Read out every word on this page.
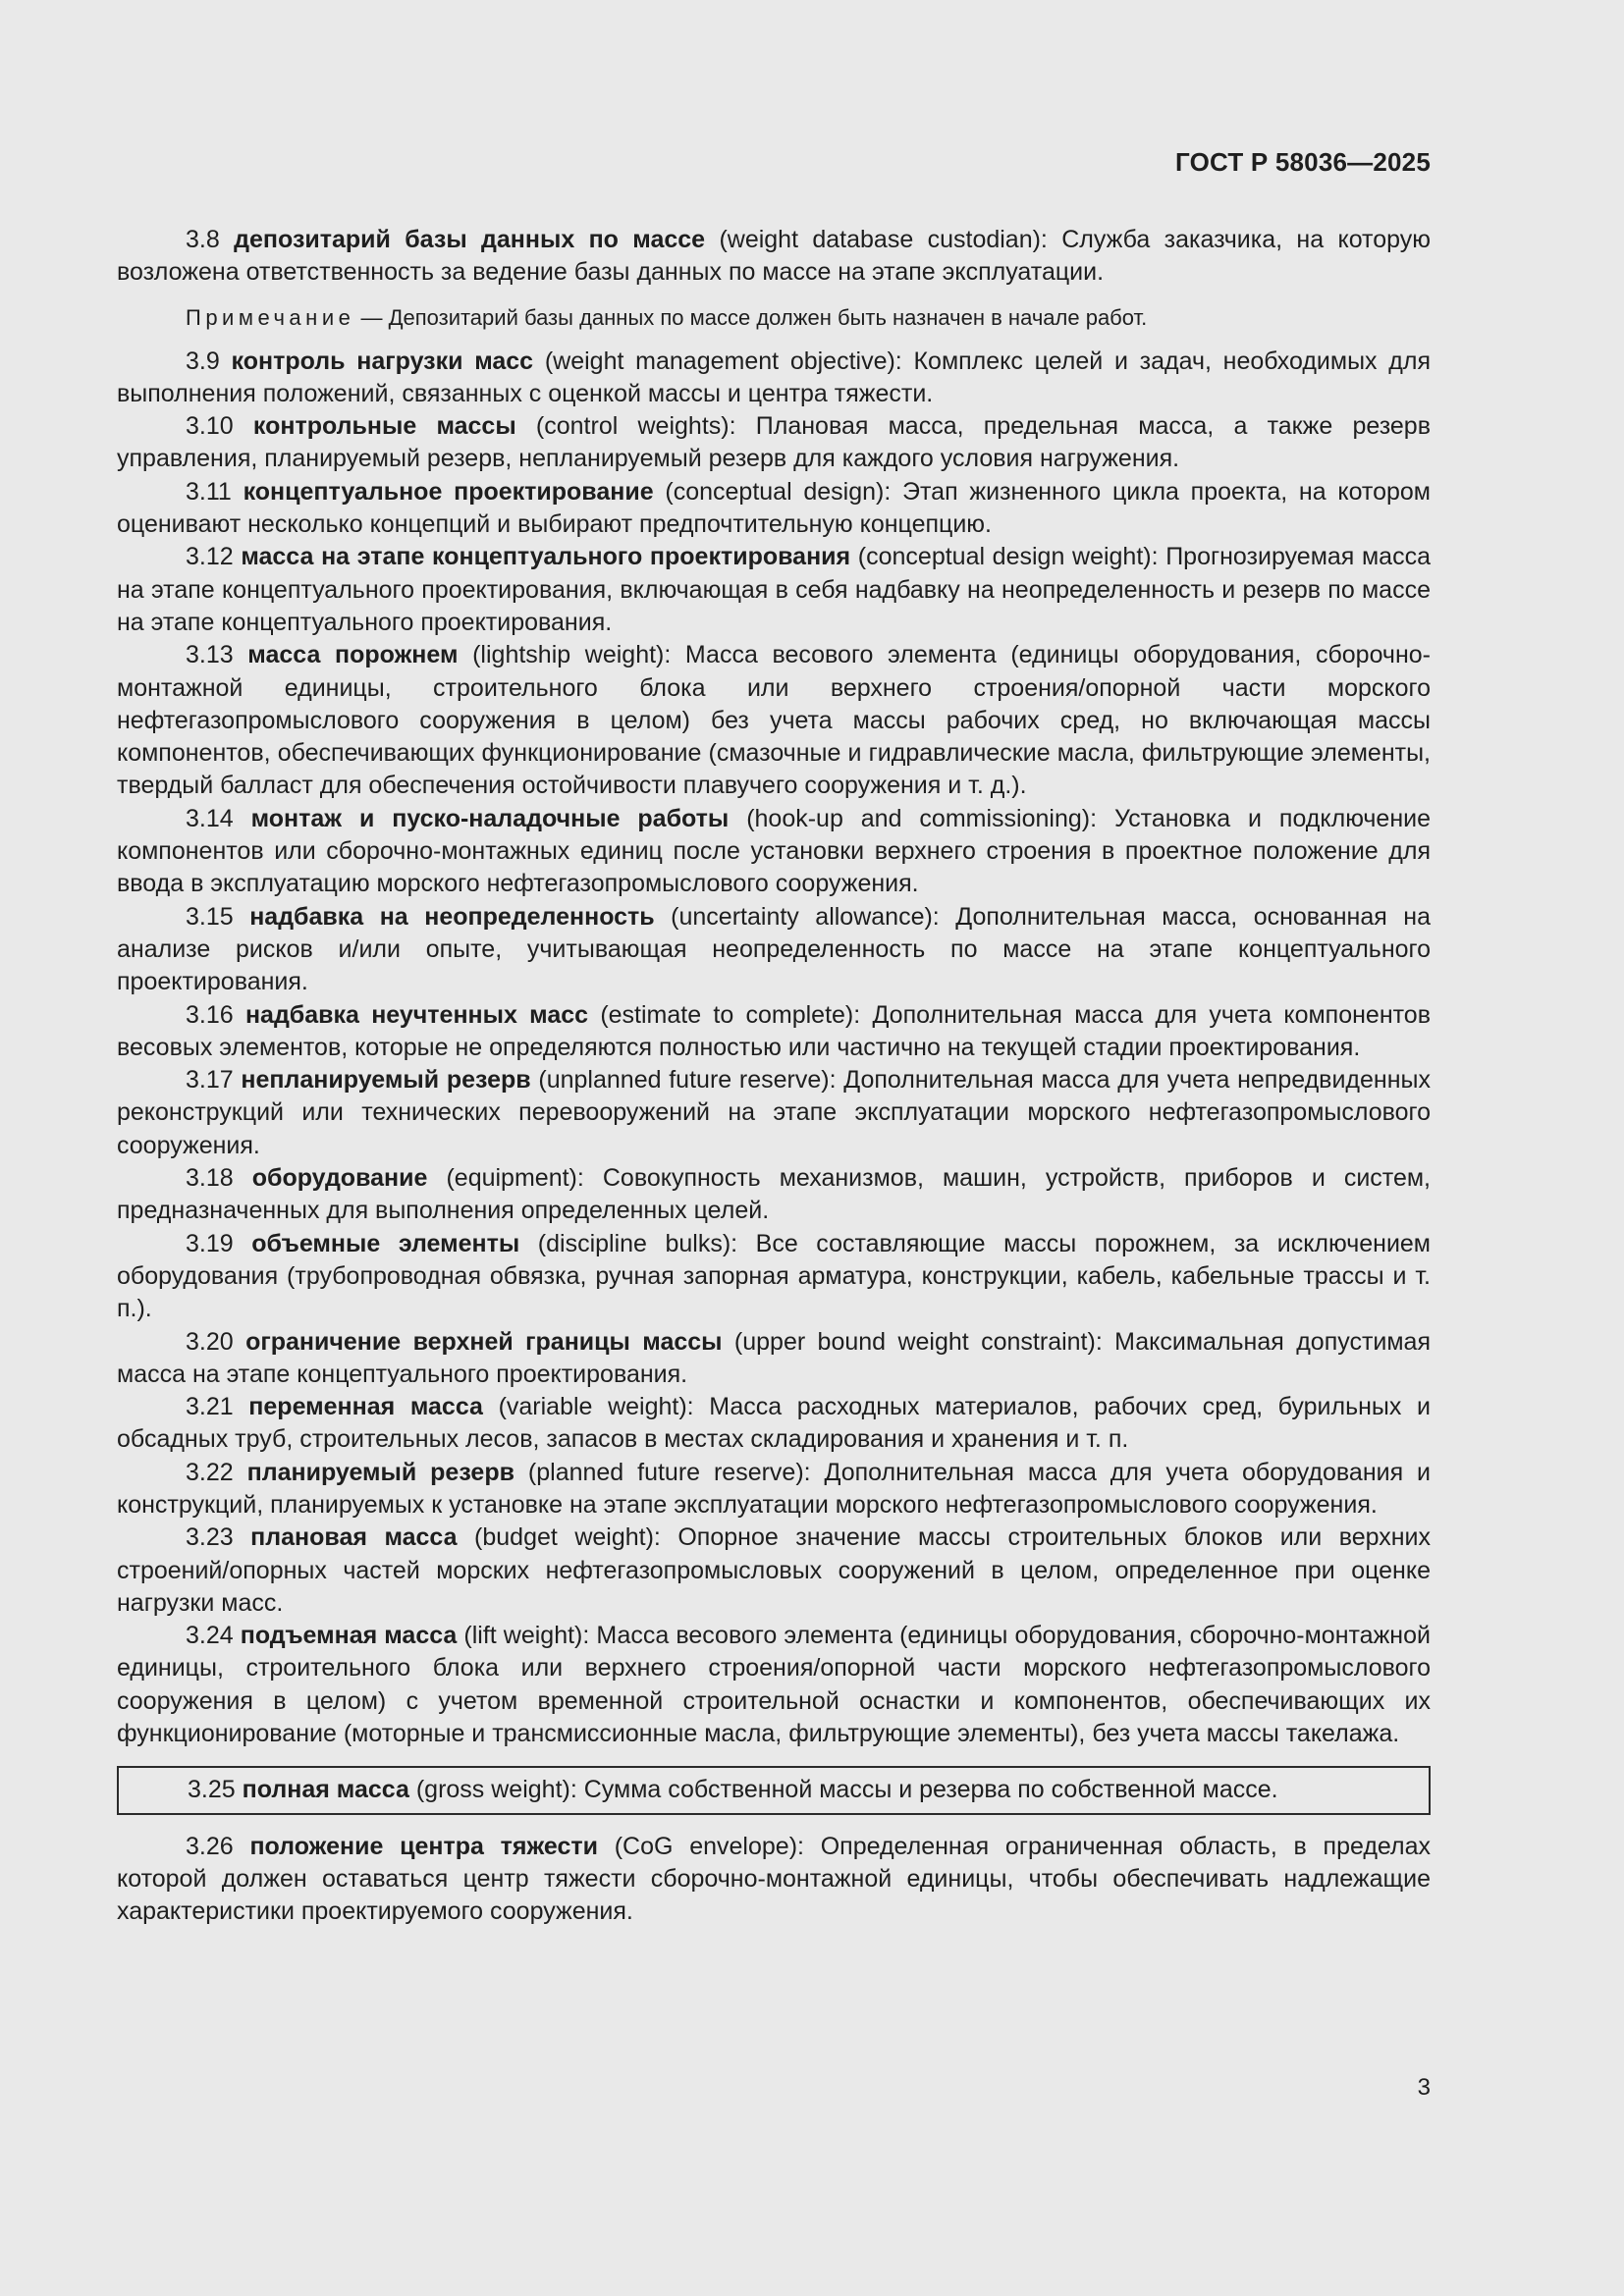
ГОСТ Р 58036—2025

3.8 депозитарий базы данных по массе (weight database custodian): Служба заказчика, на которую возложена ответственность за ведение базы данных по массе на этапе эксплуатации.

Примечание — Депозитарий базы данных по массе должен быть назначен в начале работ.

3.9 контроль нагрузки масс (weight management objective): Комплекс целей и задач, необходимых для выполнения положений, связанных с оценкой массы и центра тяжести.

3.10 контрольные массы (control weights): Плановая масса, предельная масса, а также резерв управления, планируемый резерв, непланируемый резерв для каждого условия нагружения.

3.11 концептуальное проектирование (conceptual design): Этап жизненного цикла проекта, на котором оценивают несколько концепций и выбирают предпочтительную концепцию.

3.12 масса на этапе концептуального проектирования (conceptual design weight): Прогнозируемая масса на этапе концептуального проектирования, включающая в себя надбавку на неопределенность и резерв по массе на этапе концептуального проектирования.

3.13 масса порожнем (lightship weight): Масса весового элемента (единицы оборудования, сборочно-монтажной единицы, строительного блока или верхнего строения/опорной части морского нефтегазопромыслового сооружения в целом) без учета массы рабочих сред, но включающая массы компонентов, обеспечивающих функционирование (смазочные и гидравлические масла, фильтрующие элементы, твердый балласт для обеспечения остойчивости плавучего сооружения и т. д.).

3.14 монтаж и пуско-наладочные работы (hook-up and commissioning): Установка и подключение компонентов или сборочно-монтажных единиц после установки верхнего строения в проектное положение для ввода в эксплуатацию морского нефтегазопромыслового сооружения.

3.15 надбавка на неопределенность (uncertainty allowance): Дополнительная масса, основанная на анализе рисков и/или опыте, учитывающая неопределенность по массе на этапе концептуального проектирования.

3.16 надбавка неучтенных масс (estimate to complete): Дополнительная масса для учета компонентов весовых элементов, которые не определяются полностью или частично на текущей стадии проектирования.

3.17 непланируемый резерв (unplanned future reserve): Дополнительная масса для учета непредвиденных реконструкций или технических перевооружений на этапе эксплуатации морского нефтегазопромыслового сооружения.

3.18 оборудование (equipment): Совокупность механизмов, машин, устройств, приборов и систем, предназначенных для выполнения определенных целей.

3.19 объемные элементы (discipline bulks): Все составляющие массы порожнем, за исключением оборудования (трубопроводная обвязка, ручная запорная арматура, конструкции, кабель, кабельные трассы и т. п.).

3.20 ограничение верхней границы массы (upper bound weight constraint): Максимальная допустимая масса на этапе концептуального проектирования.

3.21 переменная масса (variable weight): Масса расходных материалов, рабочих сред, бурильных и обсадных труб, строительных лесов, запасов в местах складирования и хранения и т. п.

3.22 планируемый резерв (planned future reserve): Дополнительная масса для учета оборудования и конструкций, планируемых к установке на этапе эксплуатации морского нефтегазопромыслового сооружения.

3.23 плановая масса (budget weight): Опорное значение массы строительных блоков или верхних строений/опорных частей морских нефтегазопромысловых сооружений в целом, определенное при оценке нагрузки масс.

3.24 подъемная масса (lift weight): Масса весового элемента (единицы оборудования, сборочно-монтажной единицы, строительного блока или верхнего строения/опорной части морского нефтегазопромыслового сооружения в целом) с учетом временной строительной оснастки и компонентов, обеспечивающих их функционирование (моторные и трансмиссионные масла, фильтрующие элементы), без учета массы такелажа.

3.25 полная масса (gross weight): Сумма собственной массы и резерва по собственной массе.

3.26 положение центра тяжести (CoG envelope): Определенная ограниченная область, в пределах которой должен оставаться центр тяжести сборочно-монтажной единицы, чтобы обеспечивать надлежащие характеристики проектируемого сооружения.

3
